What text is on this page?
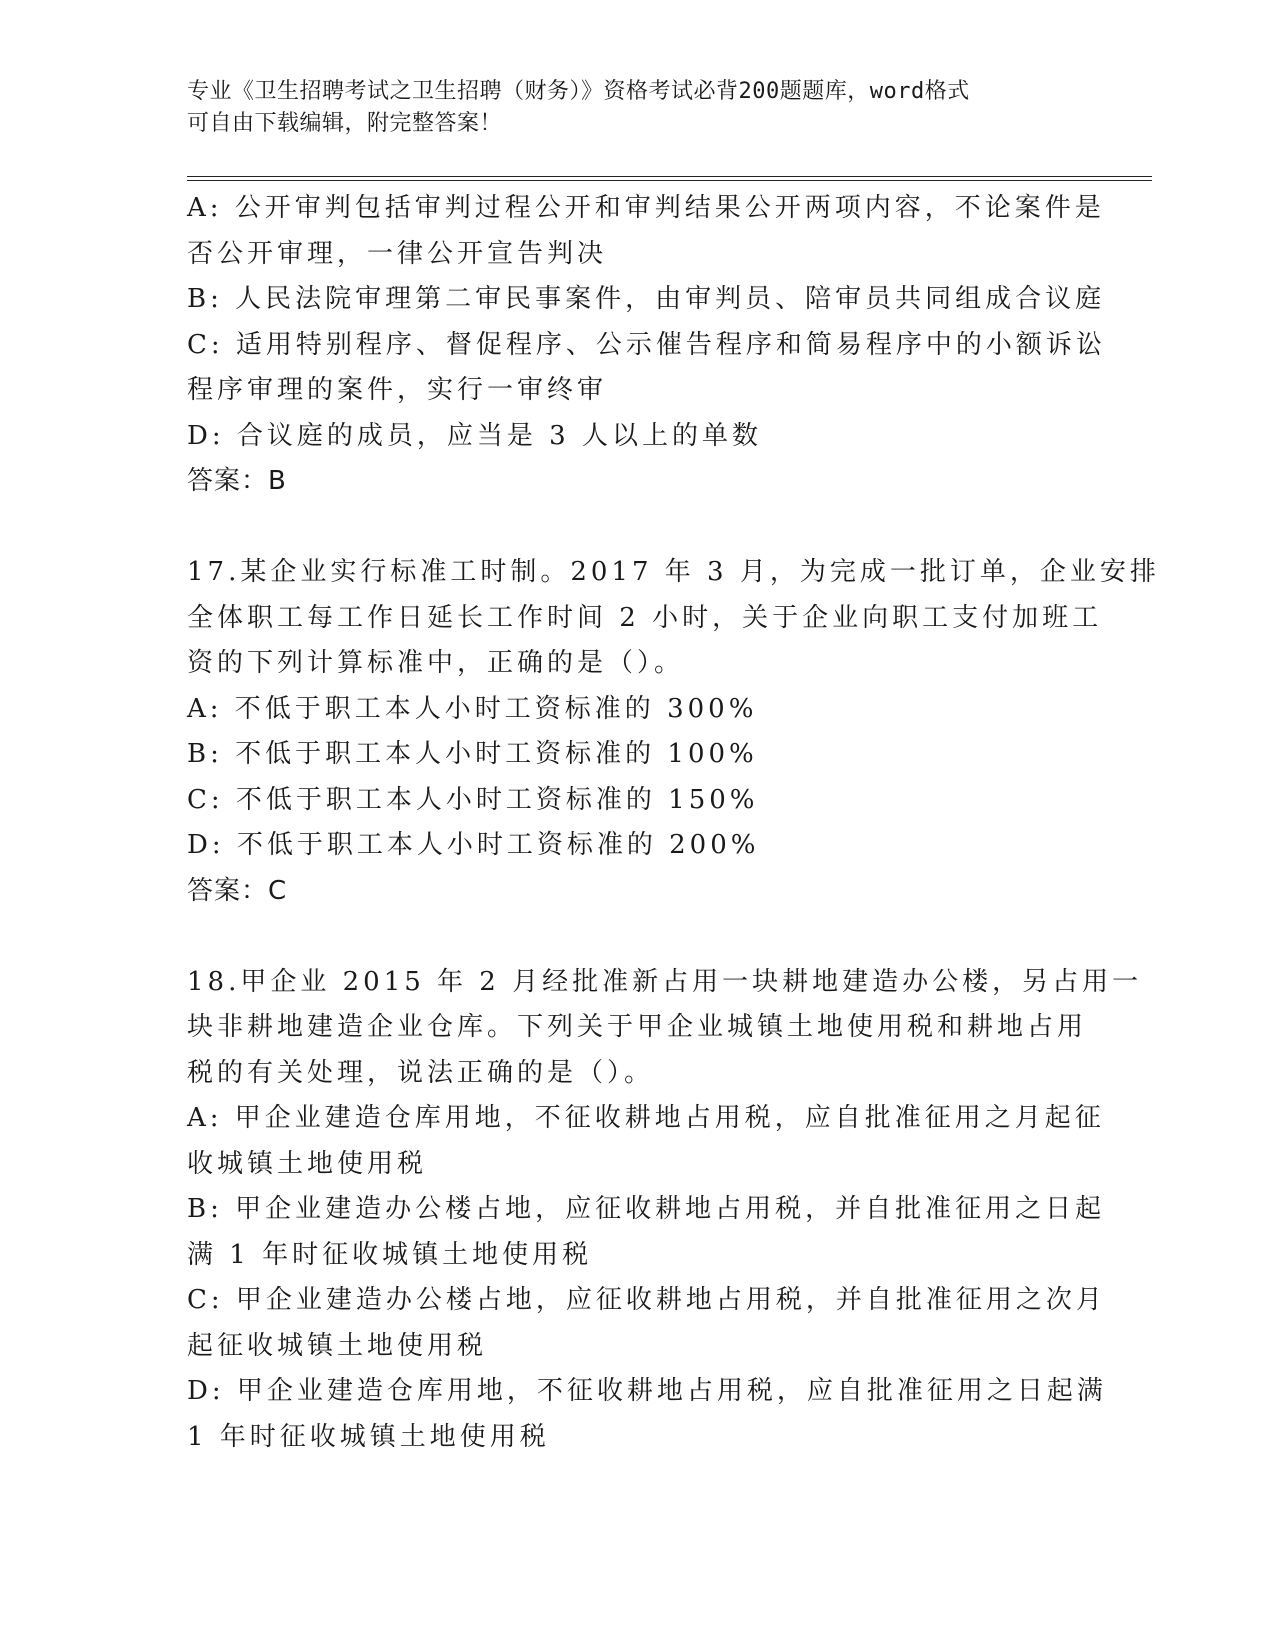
专业《卫生招聘考试之卫生招聘（财务）》资格考试必背200题题库，word格式
可自由下载编辑，附完整答案！
A: 公开审判包括审判过程公开和审判结果公开两项内容，不论案件是
否公开审理，一律公开宣告判决
B: 人民法院审理第二审民事案件，由审判员、陪审员共同组成合议庭
C: 适用特别程序、督促程序、公示催告程序和简易程序中的小额诉讼
程序审理的案件，实行一审终审
D: 合议庭的成员，应当是 3 人以上的单数
答案：B
17.某企业实行标准工时制。2017 年 3 月，为完成一批订单，企业安排
全体职工每工作日延长工作时间 2 小时，关于企业向职工支付加班工
资的下列计算标准中，正确的是（）。
A: 不低于职工本人小时工资标准的 300%
B: 不低于职工本人小时工资标准的 100%
C: 不低于职工本人小时工资标准的 150%
D: 不低于职工本人小时工资标准的 200%
答案：C
18.甲企业 2015 年 2 月经批准新占用一块耕地建造办公楼，另占用一
块非耕地建造企业仓库。下列关于甲企业城镇土地使用税和耕地占用
税的有关处理，说法正确的是（）。
A: 甲企业建造仓库用地，不征收耕地占用税，应自批准征用之月起征
收城镇土地使用税
B: 甲企业建造办公楼占地，应征收耕地占用税，并自批准征用之日起
满 1 年时征收城镇土地使用税
C: 甲企业建造办公楼占地，应征收耕地占用税，并自批准征用之次月
起征收城镇土地使用税
D: 甲企业建造仓库用地，不征收耕地占用税，应自批准征用之日起满
1 年时征收城镇土地使用税
